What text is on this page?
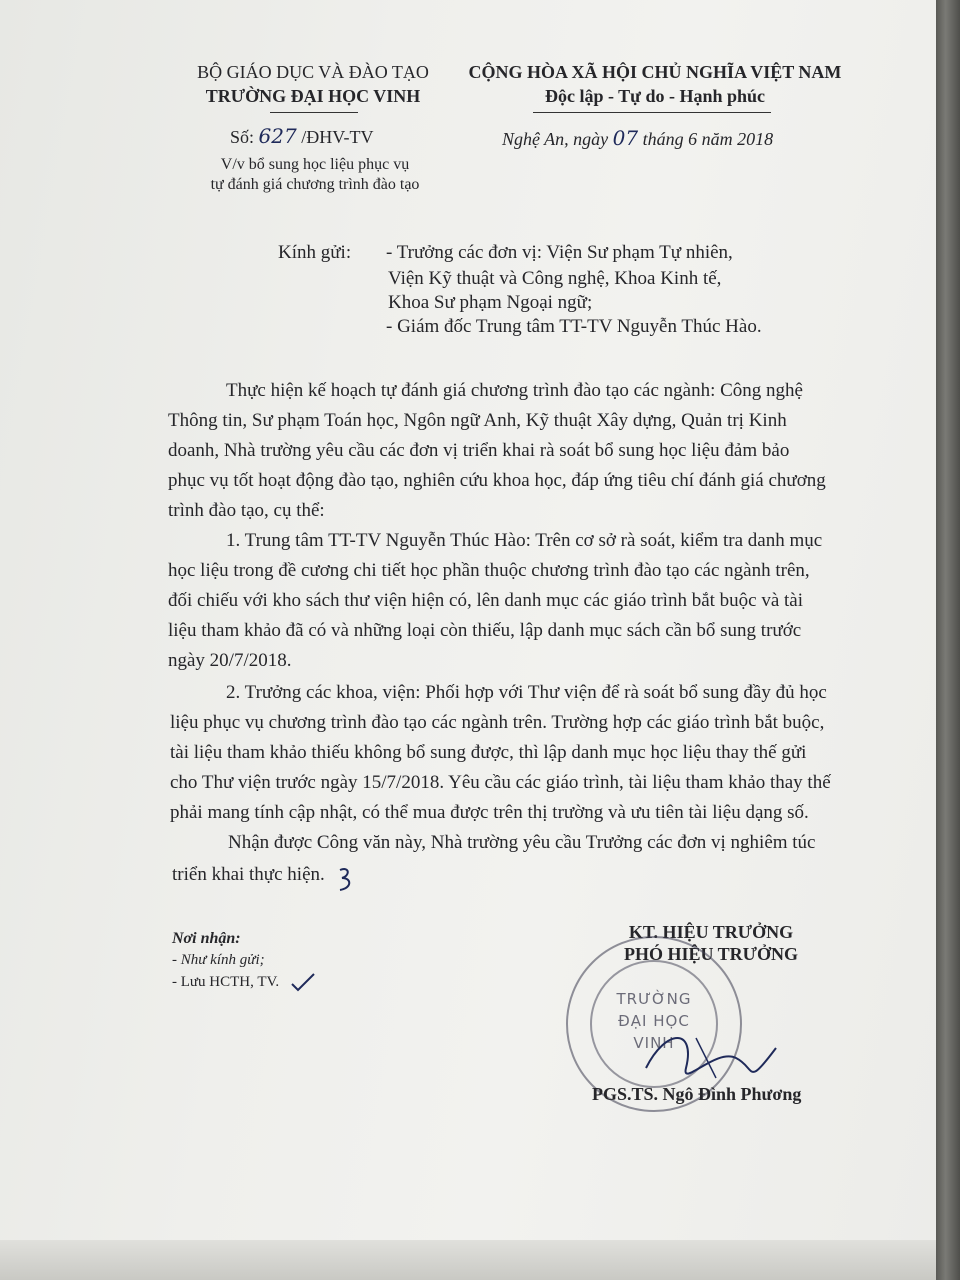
BỘ GIÁO DỤC VÀ ĐÀO TẠO
TRƯỜNG ĐẠI HỌC VINH
Số: 627 /ĐHV-TV
V/v bổ sung học liệu phục vụ
tự đánh giá chương trình đào tạo
CỘNG HÒA XÃ HỘI CHỦ NGHĨA VIỆT NAM
Độc lập - Tự do - Hạnh phúc
Nghệ An, ngày 07 tháng 6 năm 2018
Kính gửi: - Trưởng các đơn vị: Viện Sư phạm Tự nhiên,
Viện Kỹ thuật và Công nghệ, Khoa Kinh tế,
Khoa Sư phạm Ngoại ngữ;
- Giám đốc Trung tâm TT-TV Nguyễn Thúc Hào.
Thực hiện kế hoạch tự đánh giá chương trình đào tạo các ngành: Công nghệ
Thông tin, Sư phạm Toán học, Ngôn ngữ Anh, Kỹ thuật Xây dựng, Quản trị Kinh
doanh, Nhà trường yêu cầu các đơn vị triển khai rà soát bổ sung học liệu đảm bảo
phục vụ tốt hoạt động đào tạo, nghiên cứu khoa học, đáp ứng tiêu chí đánh giá chương
trình đào tạo, cụ thể:
1. Trung tâm TT-TV Nguyễn Thúc Hào: Trên cơ sở rà soát, kiểm tra danh mục
học liệu trong đề cương chi tiết học phần thuộc chương trình đào tạo các ngành trên,
đối chiếu với kho sách thư viện hiện có, lên danh mục các giáo trình bắt buộc và tài
liệu tham khảo đã có và những loại còn thiếu, lập danh mục sách cần bổ sung trước
ngày 20/7/2018.
2. Trưởng các khoa, viện: Phối hợp với Thư viện để rà soát bổ sung đầy đủ học
liệu phục vụ chương trình đào tạo các ngành trên. Trường hợp các giáo trình bắt buộc,
tài liệu tham khảo thiếu không bổ sung được, thì lập danh mục học liệu thay thế gửi
cho Thư viện trước ngày 15/7/2018. Yêu cầu các giáo trình, tài liệu tham khảo thay thế
phải mang tính cập nhật, có thể mua được trên thị trường và ưu tiên tài liệu dạng số.
Nhận được Công văn này, Nhà trường yêu cầu Trưởng các đơn vị nghiêm túc
triển khai thực hiện.
Nơi nhận:
- Như kính gửi;
- Lưu HCTH, TV.
KT. HIỆU TRƯỞNG
PHÓ HIỆU TRƯỞNG
TRƯỜNG
ĐẠI HỌC
VINH
PGS.TS. Ngô Đình Phương
